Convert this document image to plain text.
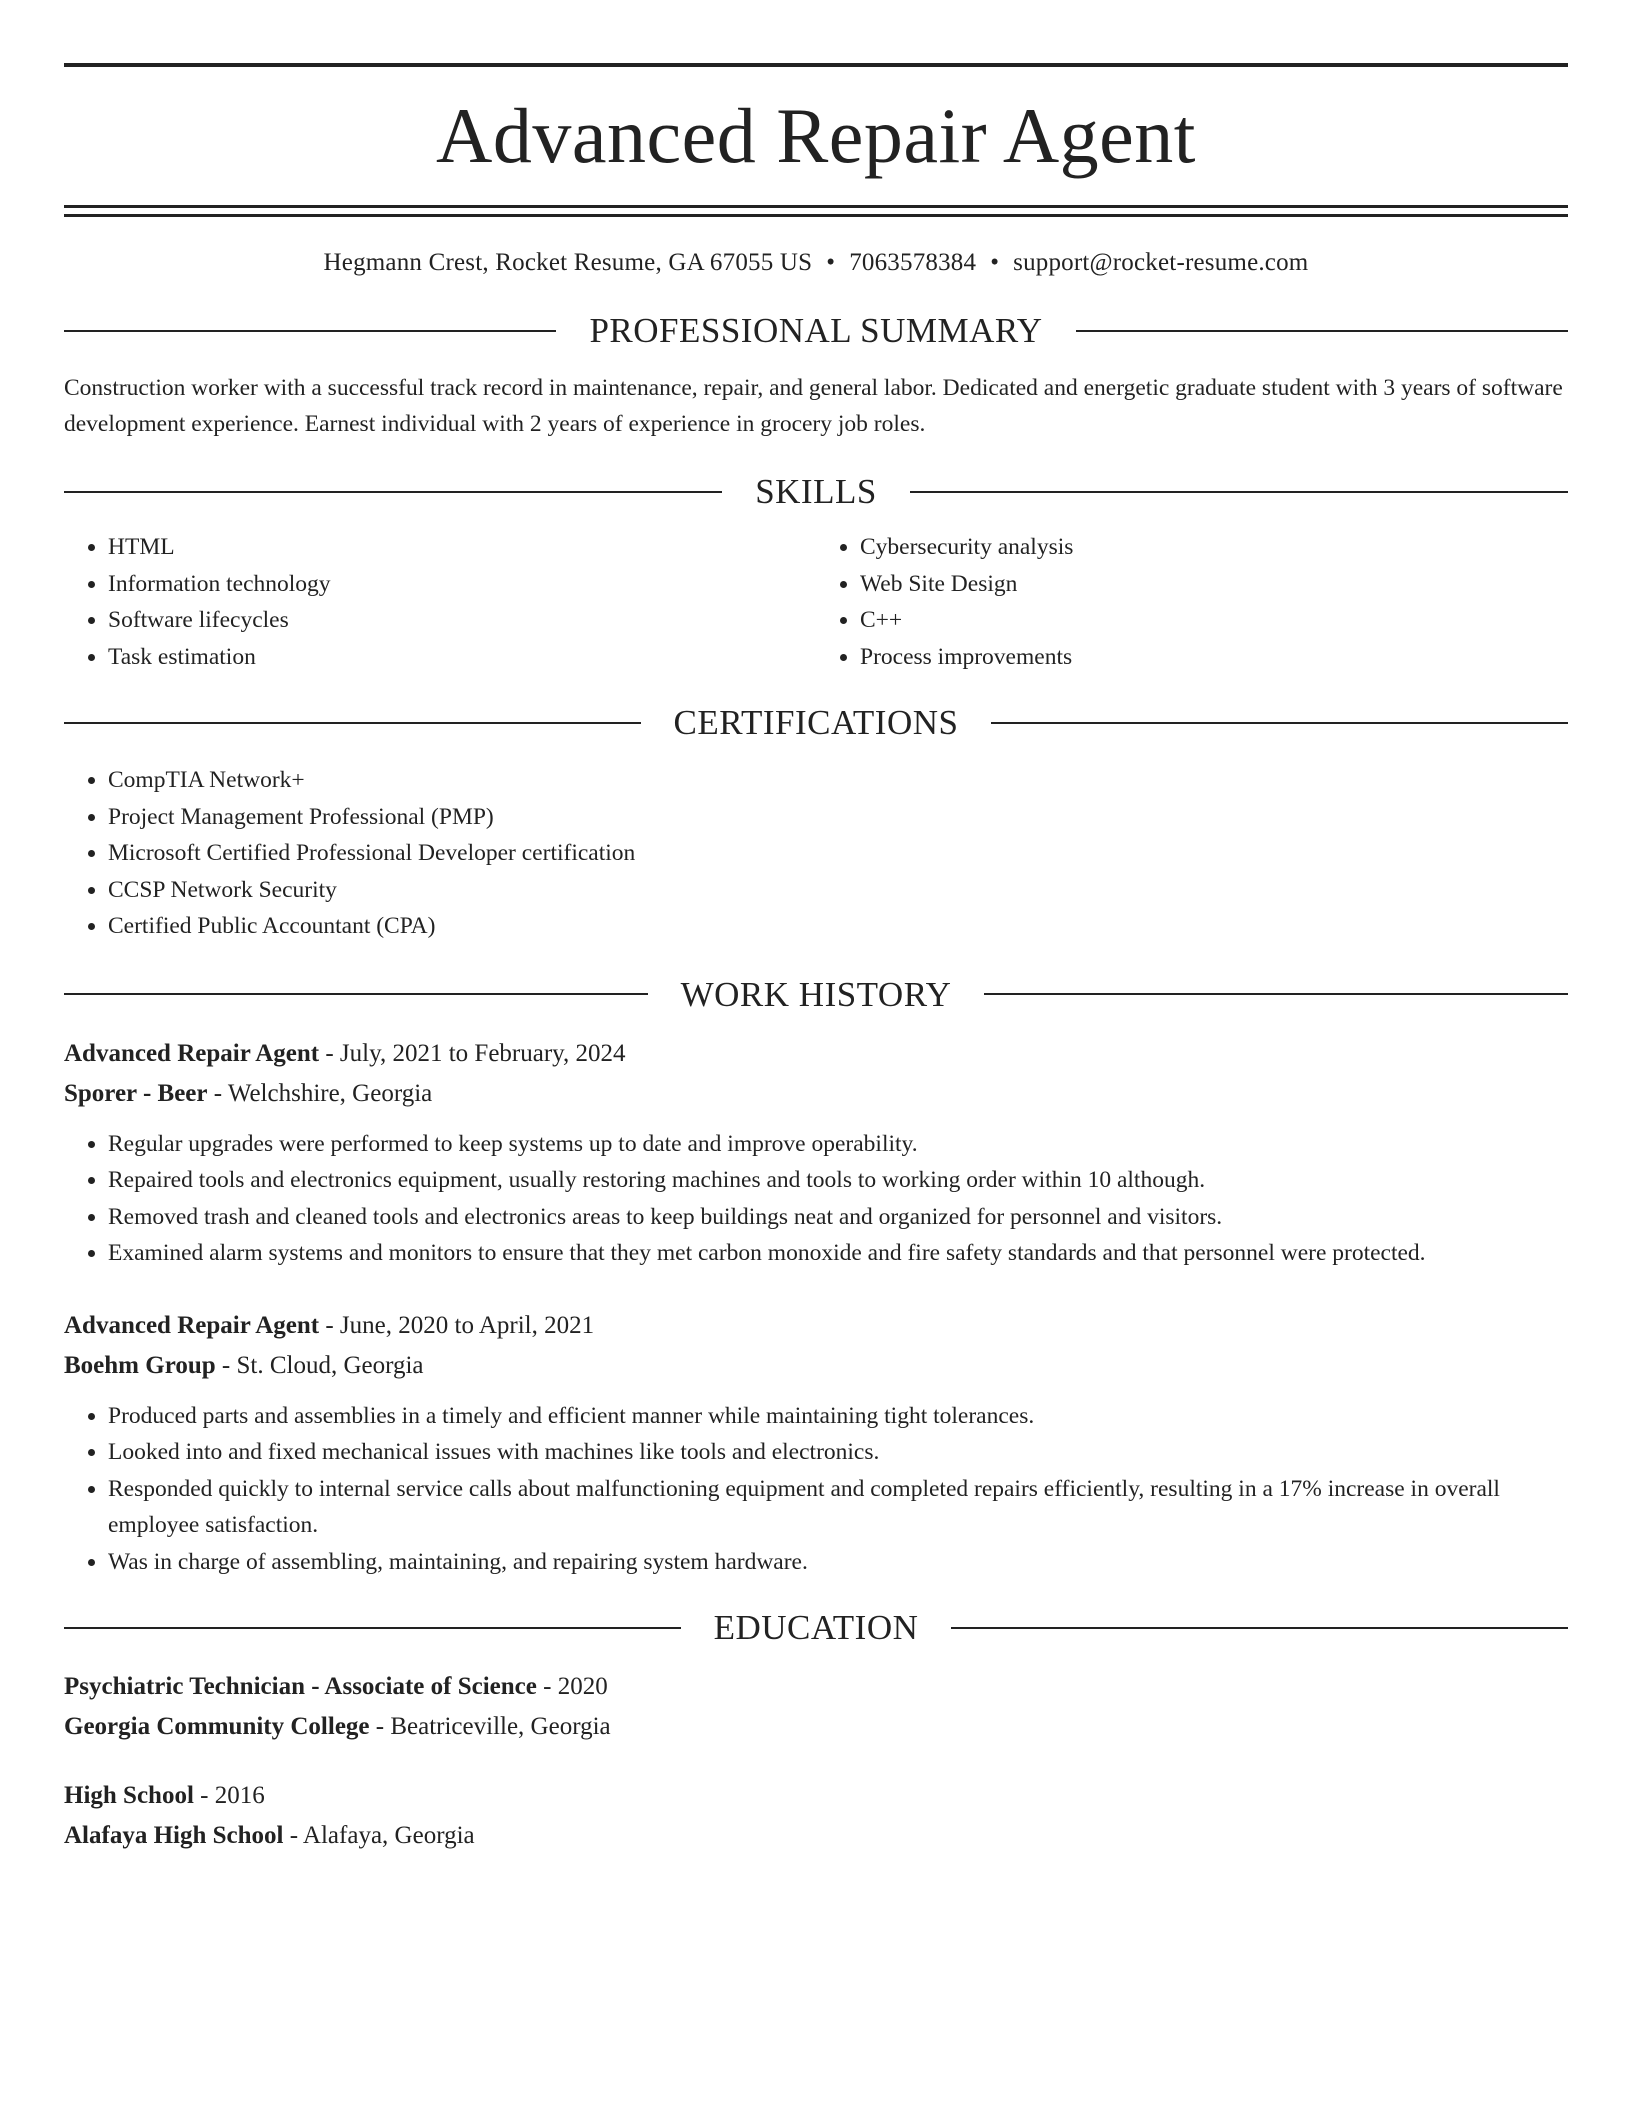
Advanced Repair Agent
Hegmann Crest, Rocket Resume, GA 67055 US • 7063578384 • support@rocket-resume.com
PROFESSIONAL SUMMARY

Construction worker with a successful track record in maintenance, repair, and general labor. Dedicated and energetic graduate student with 3 years of software development experience. Earnest individual with 2 years of experience in grocery job roles.

SKILLS
• HTML
• Information technology
• Software lifecycles
• Task estimation
• Cybersecurity analysis
• Web Site Design
• C++
• Process improvements
CERTIFICATIONS
• CompTIA Network+
• Project Management Professional (PMP)
• Microsoft Certified Professional Developer certification
• CCSP Network Security
• Certified Public Accountant (CPA)
WORK HISTORY
Advanced Repair Agent - July, 2021 to February, 2024
Sporer - Beer - Welchshire, Georgia
• Regular upgrades were performed to keep systems up to date and improve operability.
• Repaired tools and electronics equipment, usually restoring machines and tools to working order within 10 although.
• Removed trash and cleaned tools and electronics areas to keep buildings neat and organized for personnel and visitors.
• Examined alarm systems and monitors to ensure that they met carbon monoxide and fire safety standards and that personnel were protected.
Advanced Repair Agent - June, 2020 to April, 2021
Boehm Group - St. Cloud, Georgia
• Produced parts and assemblies in a timely and efficient manner while maintaining tight tolerances.
• Looked into and fixed mechanical issues with machines like tools and electronics.
• Responded quickly to internal service calls about malfunctioning equipment and completed repairs efficiently, resulting in a 17% increase in overall employee satisfaction.
• Was in charge of assembling, maintaining, and repairing system hardware.
EDUCATION
Psychiatric Technician - Associate of Science - 2020
Georgia Community College - Beatriceville, Georgia
High School - 2016
Alafaya High School - Alafaya, Georgia
